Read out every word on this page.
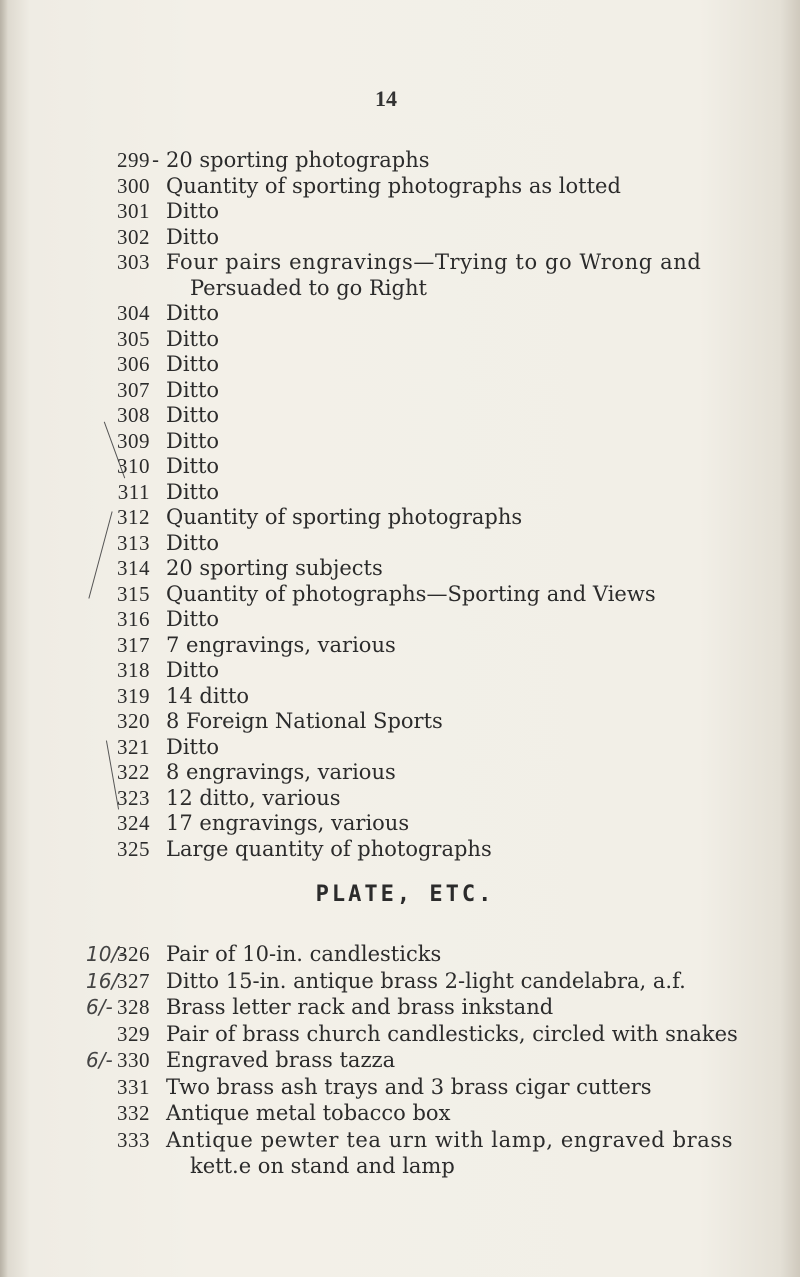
14
-
299 20 sporting photographs
300 Quantity of sporting photographs as lotted
301 Ditto
302 Ditto
303 Four pairs engravings—Trying to go Wrong and
Persuaded to go Right
304 Ditto
305 Ditto
306 Ditto
307 Ditto
308 Ditto
309 Ditto
310 Ditto
311 Ditto
312 Quantity of sporting photographs
313 Ditto
314 20 sporting subjects
315 Quantity of photographs—Sporting and Views
316 Ditto
317 7 engravings, various
318 Ditto
319 14 ditto
320 8 Foreign National Sports
321 Ditto
322 8 engravings, various
323 12 ditto, various
324 17 engravings, various
325 Large quantity of photographs
PLATE, ETC.
10/-
326 Pair of 10-in. candlesticks
16/
327 Ditto 15-in. antique brass 2-light candelabra, a.f.
6/- 328 Brass letter rack and brass inkstand
329 Pair of brass church candlesticks, circled with snakes
6/- 330 Engraved brass tazza
331 Two brass ash trays and 3 brass cigar cutters
332 Antique metal tobacco box
333 Antique pewter tea urn with lamp, engraved brass
kett.e on stand and lamp
